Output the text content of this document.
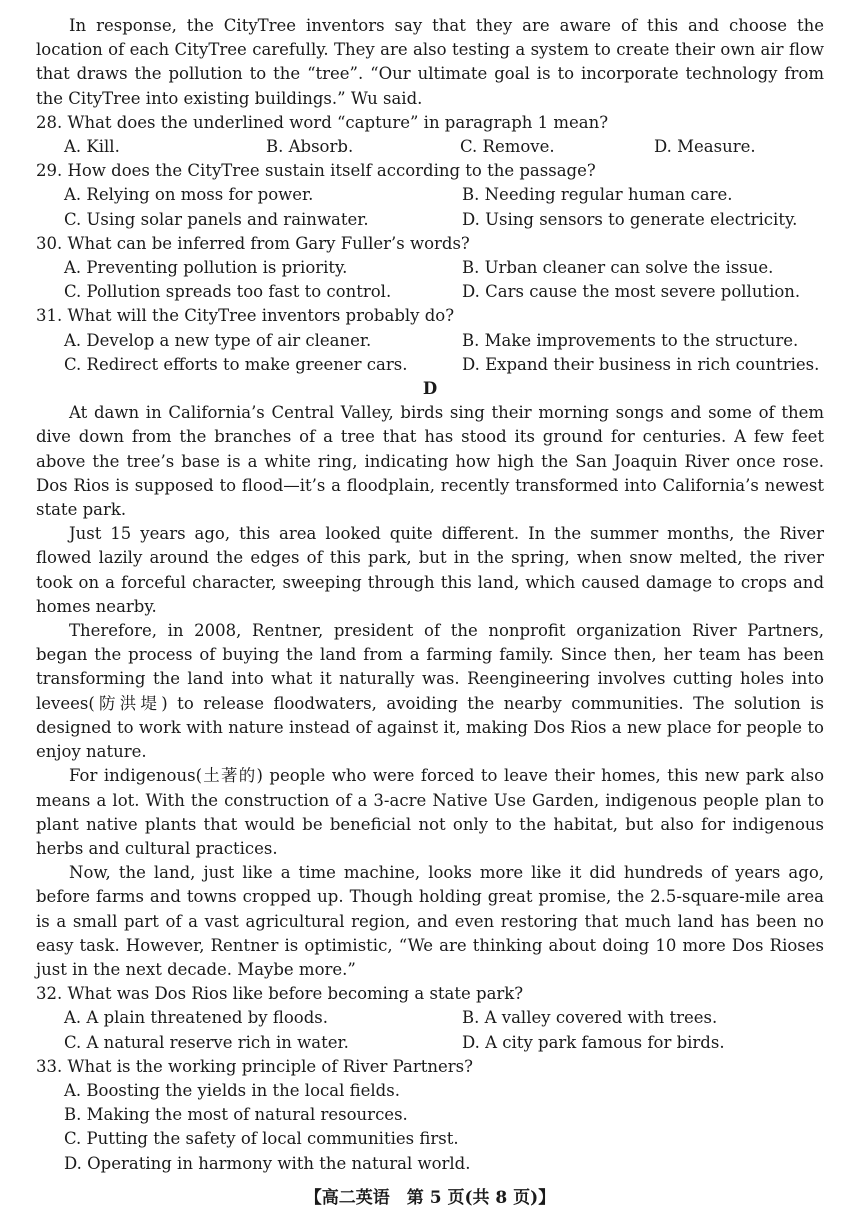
In response, the CityTree inventors say that they are aware of this and choose the location of each CityTree carefully. They are also testing a system to create their own air flow that draws the pollution to the “tree”. “Our ultimate goal is to incorporate technology from the CityTree into existing buildings.” Wu said.

28. What does the underlined word “capture” in paragraph 1 mean?

A. Kill.	B. Absorb.	C. Remove.	D. Measure.

29. How does the CityTree sustain itself according to the passage?

A. Relying on moss for power.	B. Needing regular human care.
C. Using solar panels and rainwater.	D. Using sensors to generate electricity.

30. What can be inferred from Gary Fuller’s words?

A. Preventing pollution is priority.	B. Urban cleaner can solve the issue.
C. Pollution spreads too fast to control.	D. Cars cause the most severe pollution.

31. What will the CityTree inventors probably do?

A. Develop a new type of air cleaner.	B. Make improvements to the structure.
C. Redirect efforts to make greener cars.	D. Expand their business in rich countries.

D

At dawn in California’s Central Valley, birds sing their morning songs and some of them dive down from the branches of a tree that has stood its ground for centuries. A few feet above the tree’s base is a white ring, indicating how high the San Joaquin River once rose. Dos Rios is supposed to flood—it’s a floodplain, recently transformed into California’s newest state park.

Just 15 years ago, this area looked quite different. In the summer months, the River flowed lazily around the edges of this park, but in the spring, when snow melted, the river took on a forceful character, sweeping through this land, which caused damage to crops and homes nearby.

Therefore, in 2008, Rentner, president of the nonprofit organization River Partners, began the process of buying the land from a farming family. Since then, her team has been transforming the land into what it naturally was. Reengineering involves cutting holes into levees(防洪堤) to release floodwaters, avoiding the nearby communities. The solution is designed to work with nature instead of against it, making Dos Rios a new place for people to enjoy nature.

For indigenous(土著的) people who were forced to leave their homes, this new park also means a lot. With the construction of a 3-acre Native Use Garden, indigenous people plan to plant native plants that would be beneficial not only to the habitat, but also for indigenous herbs and cultural practices.

Now, the land, just like a time machine, looks more like it did hundreds of years ago, before farms and towns cropped up. Though holding great promise, the 2.5-square-mile area is a small part of a vast agricultural region, and even restoring that much land has been no easy task. However, Rentner is optimistic, “We are thinking about doing 10 more Dos Rioses just in the next decade. Maybe more.”

32. What was Dos Rios like before becoming a state park?

A. A plain threatened by floods.	B. A valley covered with trees.
C. A natural reserve rich in water.	D. A city park famous for birds.

33. What is the working principle of River Partners?

A. Boosting the yields in the local fields.
B. Making the most of natural resources.
C. Putting the safety of local communities first.
D. Operating in harmony with the natural world.
【高二英语　第 5 页(共 8 页)】
